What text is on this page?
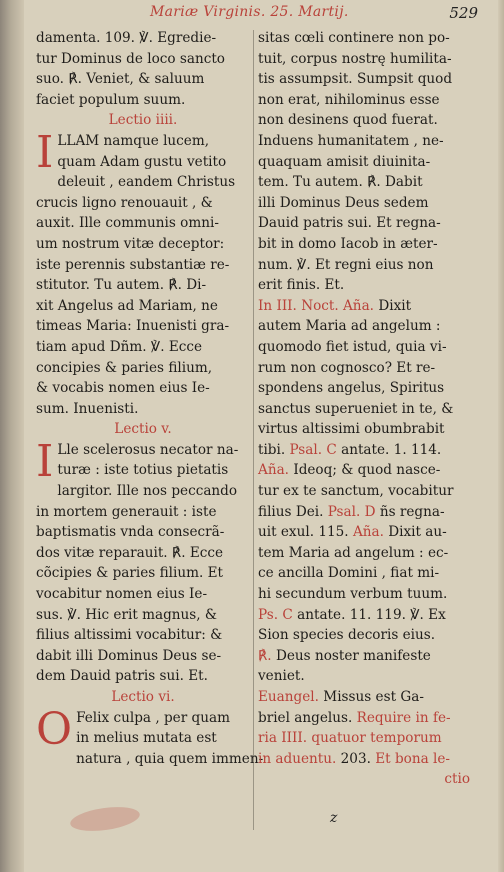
Mariæ Virginis. 25. Martij.	529
damenta. 109. ℣. Egredie-
tur Dominus de loco sancto
suo. ℟. Veniet, & saluum
faciet populum suum.
Lectio iiii.
I LLAM namque lucem,
quam Adam gustu vetito
deleuit , eandem Christus
crucis ligno renouauit , &
auxit. Ille communis omni-
um nostrum vitæ deceptor:
iste perennis substantiæ re-
stitutor. Tu autem. ℟. Di-
xit Angelus ad Mariam, ne
timeas Maria: Inuenisti gra-
tiam apud Dñm. ℣. Ecce
concipies & paries filium,
& vocabis nomen eius Ie-
sum. Inuenisti.
Lectio v.
I Lle scelerosus necator na-
turæ : iste totius pietatis
largitor. Ille nos peccando
in mortem generauit : iste
baptismatis vnda consecrã-
dos vitæ reparauit. ℟. Ecce
cõcipies & paries filium. Et
vocabitur nomen eius Ie-
sus. ℣. Hic erit magnus, &
filius altissimi vocabitur: &
dabit illi Dominus Deus se-
dem Dauid patris sui. Et.
Lectio vi.
O Felix culpa , per quam
in melius mutata est
natura , quia quem immen-
sitas cœli continere non po-
tuit, corpus nostrę humilita-
tis assumpsit. Sumpsit quod
non erat, nihilominus esse
non desinens quod fuerat.
Induens humanitatem , ne-
quaquam amisit diuinita-
tem. Tu autem. ℟. Dabit
illi Dominus Deus sedem
Dauid patris sui. Et regna-
bit in domo Iacob in æter-
num. ℣. Et regni eius non
erit finis. Et.
In III. Noct. Aña. Dixit
autem Maria ad angelum :
quomodo fiet istud, quia vi-
rum non cognosco? Et re-
spondens angelus, Spiritus
sanctus superueniet in te, &
virtus altissimi obumbrabit
tibi. Psal. C antate. 1. 114.
Aña. Ideoq; & quod nasce-
tur ex te sanctum, vocabitur
filius Dei. Psal. D ñs regna-
uit exul. 115. Aña. Dixit au-
tem Maria ad angelum : ec-
ce ancilla Domini , fiat mi-
hi secundum verbum tuum.
Ps. C antate. 11. 119. ℣. Ex
Sion species decoris eius.
℟. Deus noster manifeste
veniet.
Euangel. Missus est Ga-
briel angelus. Require in fe-
ria IIII. quatuor temporum
in aduentu. 203. Et bona le-
ctio
z
